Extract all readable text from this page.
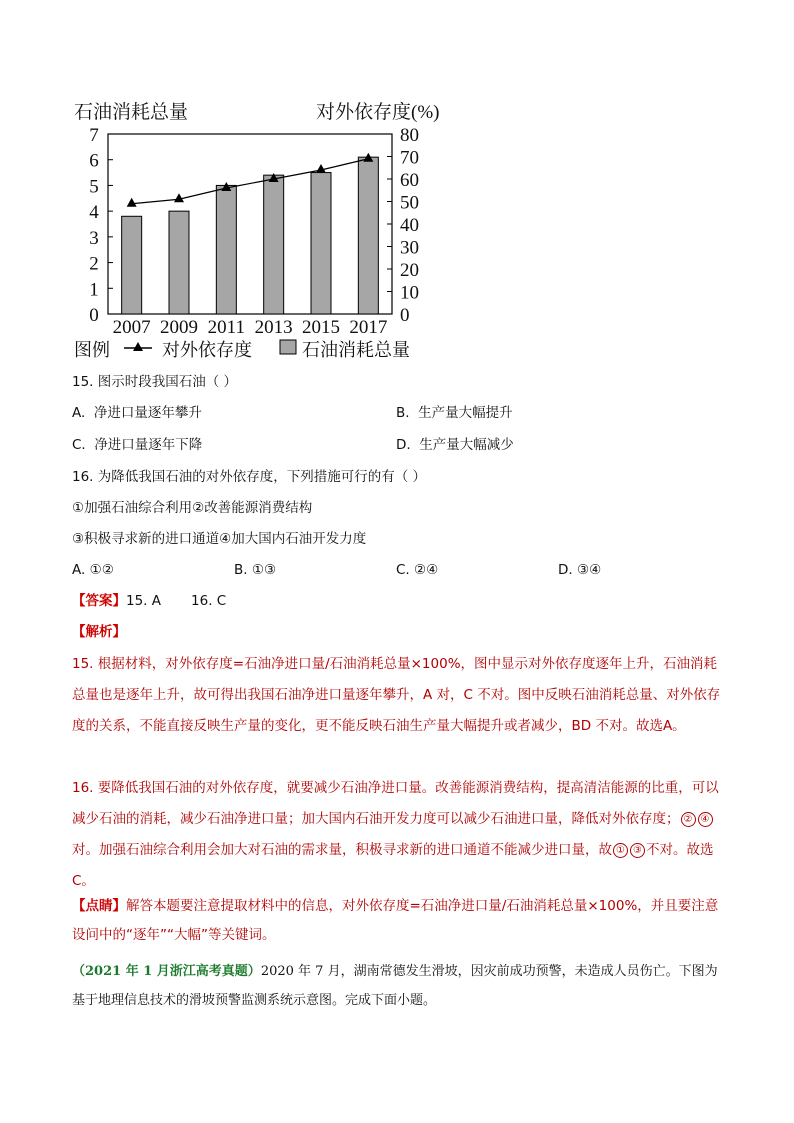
石油消耗总量	对外依存度(%)
7
6
5
4
3
2
1
0
80
70
60
50
40
30
20
10
0
2007 2009 2011 2013 2015 2017
图例	对外依存度	石油消耗总量
15. 图示时段我国石油（ ）
A. 净进口量逐年攀升	B. 生产量大幅提升
C. 净进口量逐年下降	D. 生产量大幅减少
16. 为降低我国石油的对外依存度，下列措施可行的有（ ）
①加强石油综合利用②改善能源消费结构
③积极寻求新的进口通道④加大国内石油开发力度
A. ①②	B. ①③	C. ②④	D. ③④
【答案】15. A 16. C
【解析】
15. 根据材料，对外依存度=石油净进口量/石油消耗总量×100%，图中显示对外依存度逐年上升，石油消耗总量也是逐年上升，故可得出我国石油净进口量逐年攀升，A 对，C 不对。图中反映石油消耗总量、对外依存度的关系，不能直接反映生产量的变化，更不能反映石油生产量大幅提升或者减少，BD 不对。故选A。
16. 要降低我国石油的对外依存度，就要减少石油净进口量。改善能源消费结构，提高清洁能源的比重，可以减少石油的消耗，减少石油净进口量；加大国内石油开发力度可以减少石油进口量，降低对外依存度； ② ④对。加强石油综合利用会加大对石油的需求量，积极寻求新的进口通道不能减少进口量，故 ① ③ 不对。故选 C。
【点睛】解答本题要注意提取材料中的信息，对外依存度=石油净进口量/石油消耗总量×100%，并且要注意设问中的“逐年”“大幅”等关键词。
（2021 年 1 月浙江高考真题）2020 年 7 月，湖南常德发生滑坡，因灾前成功预警，未造成人员伤亡。下图为基于地理信息技术的滑坡预警监测系统示意图。完成下面小题。
